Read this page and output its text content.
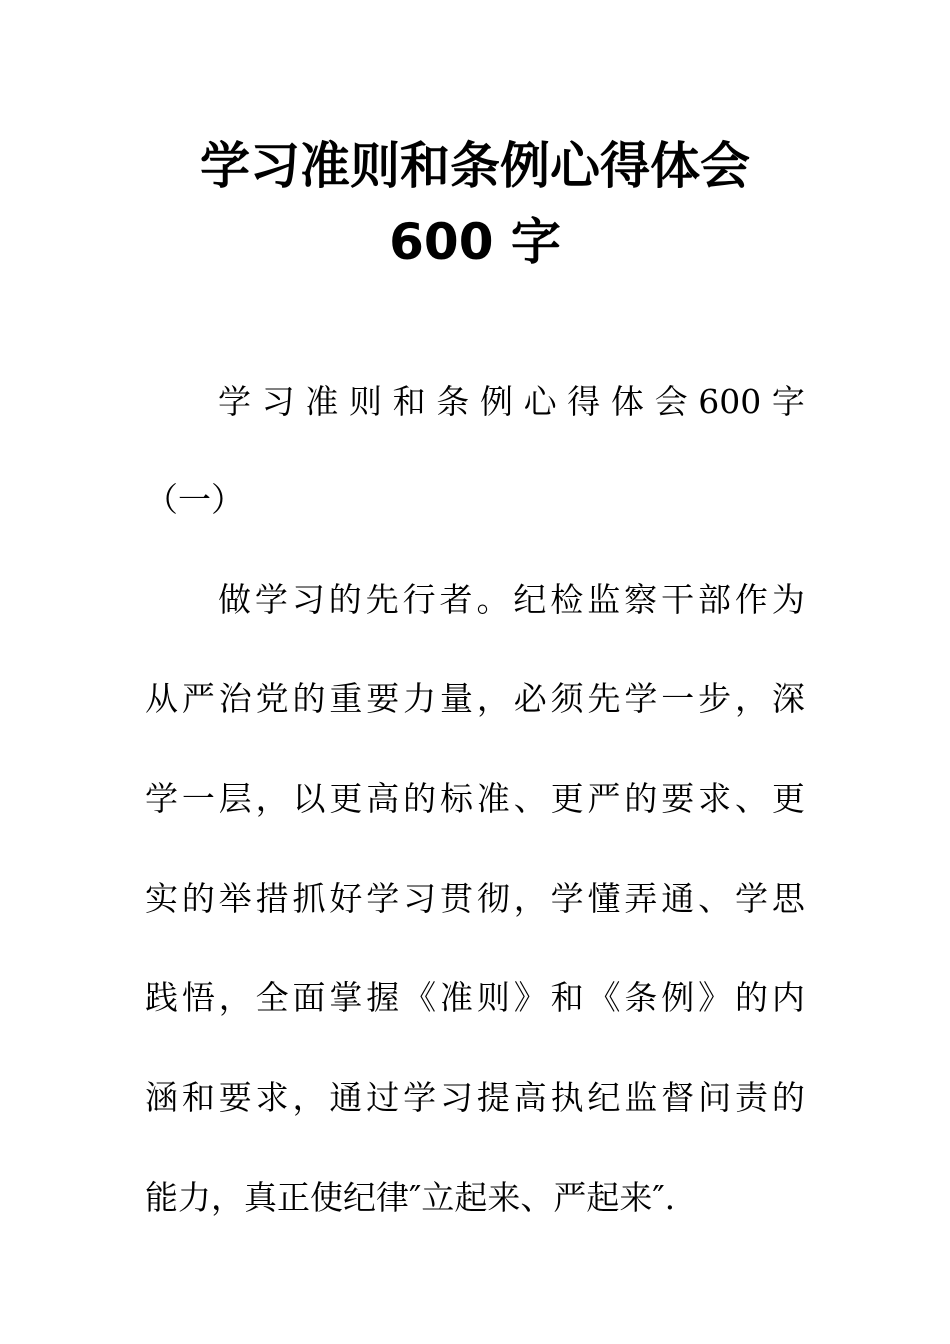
学习准则和条例心得体会
600 字

学 习 准 则 和 条 例 心 得 体 会 600 字

（一）

做 学 习 的 先 行 者 。 纪 检 监 察 干 部 作 为

从 严 治 党 的 重 要 力 量 ， 必 须 先 学 一 步 ， 深

学 一 层 ， 以 更 高 的 标 准 、 更 严 的 要 求 、 更

实 的 举 措 抓 好 学 习 贯 彻 ， 学 懂 弄 通 、 学 思

践 悟 ， 全 面 掌 握 《 准 则 》 和 《 条 例 》 的 内

涵 和 要 求 ， 通 过 学 习 提 高 执 纪 监 督 问 责 的

能力，真正使纪律″立起来、严起来″.
